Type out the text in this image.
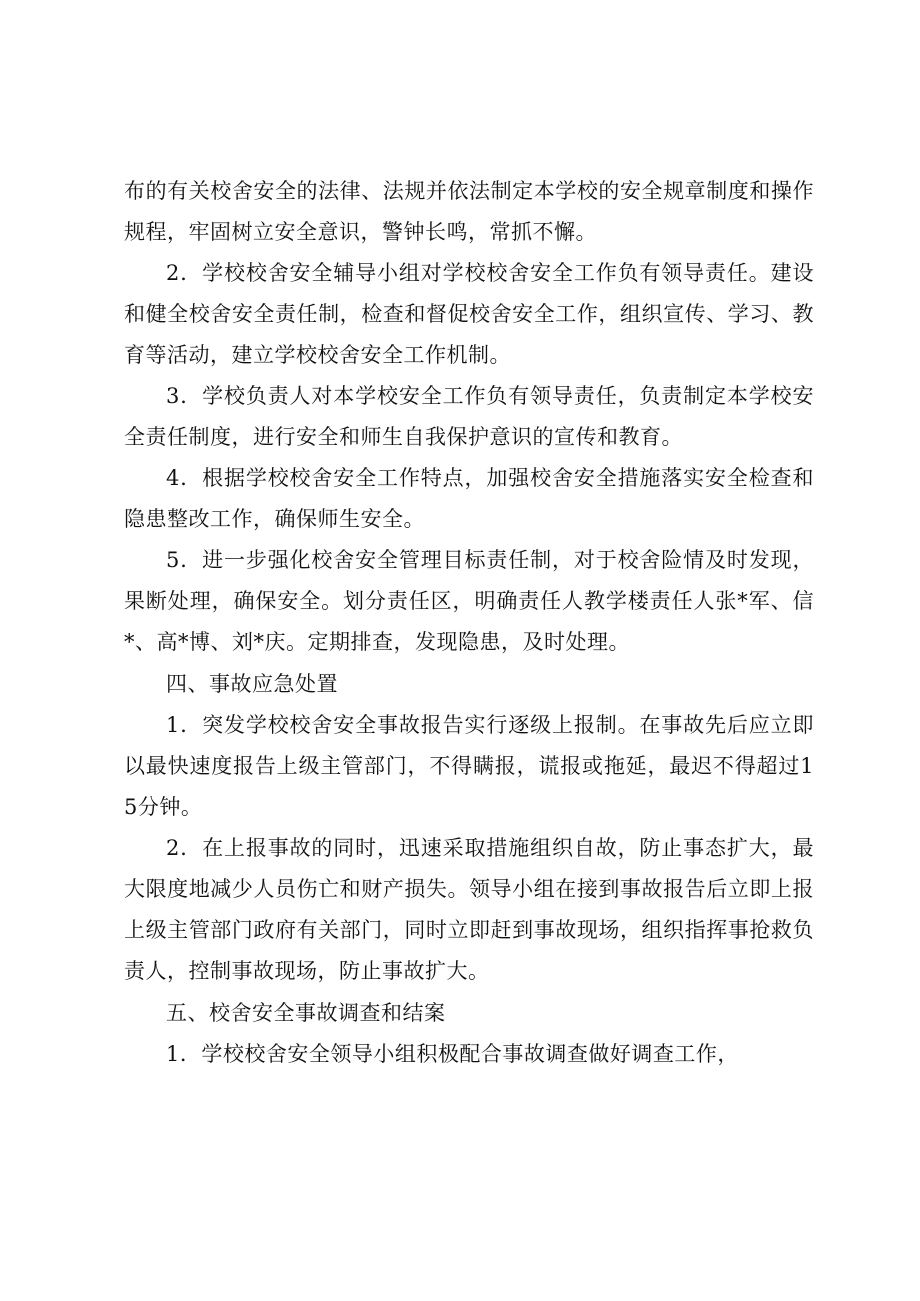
布的有关校舍安全的法律、法规并依法制定本学校的安全规章制度和操作规程，牢固树立安全意识，警钟长鸣，常抓不懈。

2．学校校舍安全辅导小组对学校校舍安全工作负有领导责任。建设和健全校舍安全责任制，检查和督促校舍安全工作，组织宣传、学习、教育等活动，建立学校校舍安全工作机制。

3．学校负责人对本学校安全工作负有领导责任，负责制定本学校安全责任制度，进行安全和师生自我保护意识的宣传和教育。

4．根据学校校舍安全工作特点，加强校舍安全措施落实安全检查和隐患整改工作，确保师生安全。

5．进一步强化校舍安全管理目标责任制，对于校舍险情及时发现，果断处理，确保安全。划分责任区，明确责任人教学楼责任人张*军、信*、高*博、刘*庆。定期排查，发现隐患，及时处理。

四、事故应急处置

1．突发学校校舍安全事故报告实行逐级上报制。在事故先后应立即以最快速度报告上级主管部门，不得瞒报，谎报或拖延，最迟不得超过15分钟。

2．在上报事故的同时，迅速采取措施组织自故，防止事态扩大，最大限度地减少人员伤亡和财产损失。领导小组在接到事故报告后立即上报上级主管部门政府有关部门，同时立即赶到事故现场，组织指挥事抢救负责人，控制事故现场，防止事故扩大。

五、校舍安全事故调查和结案

1．学校校舍安全领导小组积极配合事故调查做好调查工作，
